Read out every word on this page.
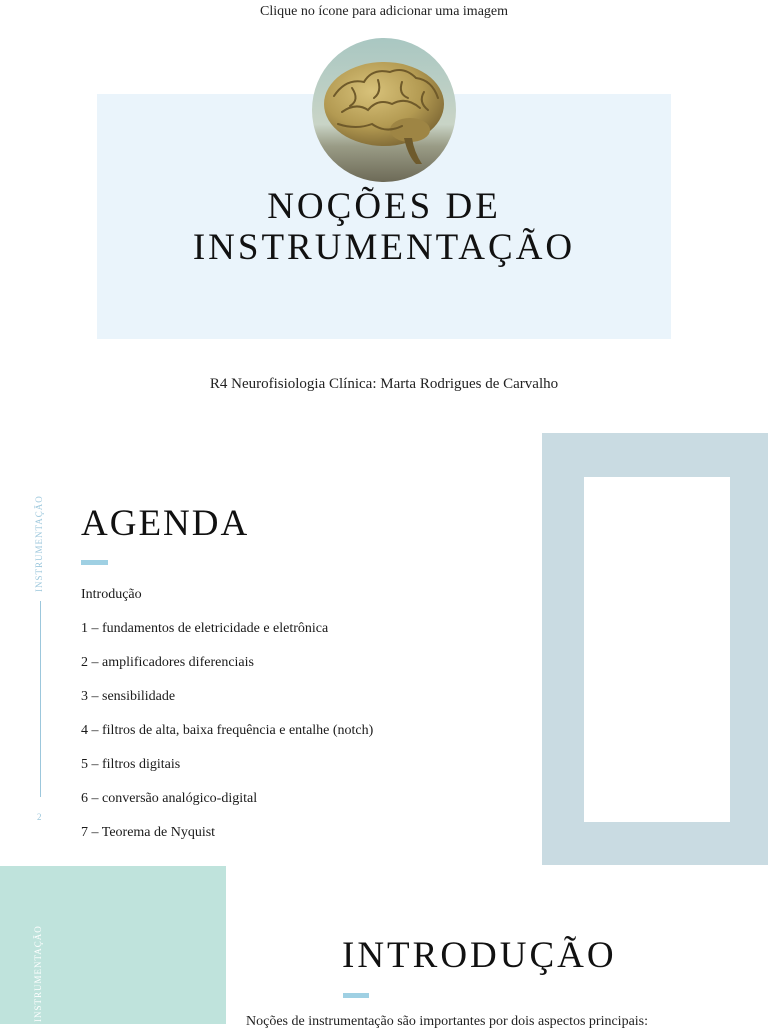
Clique no ícone para adicionar uma imagem
NOÇÕES DE
INSTRUMENTAÇÃO
R4 Neurofisiologia Clínica: Marta Rodrigues de Carvalho
INSTRUMENTAÇÃO
2
AGENDA
Introdução
1 – fundamentos de eletricidade e eletrônica
2 – amplificadores diferenciais
3 – sensibilidade
4 – filtros de alta, baixa frequência e entalhe (notch)
5 – filtros digitais
6 – conversão analógico-digital
7 – Teorema de Nyquist
INSTRUMENTAÇÃO	INTRODUÇÃO
Noções de instrumentação são importantes por dois aspectos principais:
